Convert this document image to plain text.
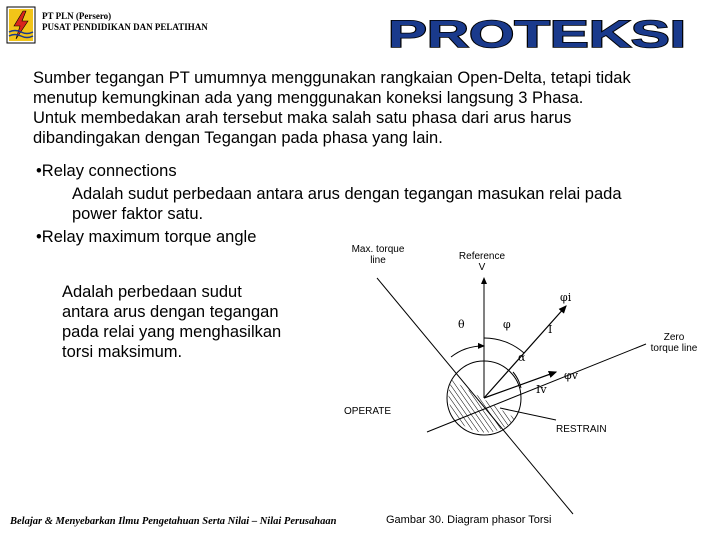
PT PLN (Persero)
PUSAT PENDIDIKAN DAN PELATIHAN	PROTEKSI
Sumber tegangan PT umumnya menggunakan rangkaian Open-Delta, tetapi tidak
menutup kemungkinan ada yang menggunakan koneksi langsung 3 Phasa.
Untuk membedakan arah tersebut maka salah satu phasa dari arus harus
dibandingakan dengan Tegangan pada phasa yang lain.
•Relay connections
Adalah sudut perbedaan antara arus dengan tegangan masukan relai pada
power faktor satu.
•Relay maximum torque angle
Adalah perbedaan sudut
antara arus dengan tegangan
pada relai yang menghasilkan
torsi maksimum.
Max. torque
line	Reference
V
Zero
torque line
OPERATE
RESTRAIN
φi
θ	φ	I
α
φv
Iv
Belajar & Menyebarkan Ilmu Pengetahuan Serta Nilai – Nilai Perusahaan	Gambar 30. Diagram phasor Torsi
